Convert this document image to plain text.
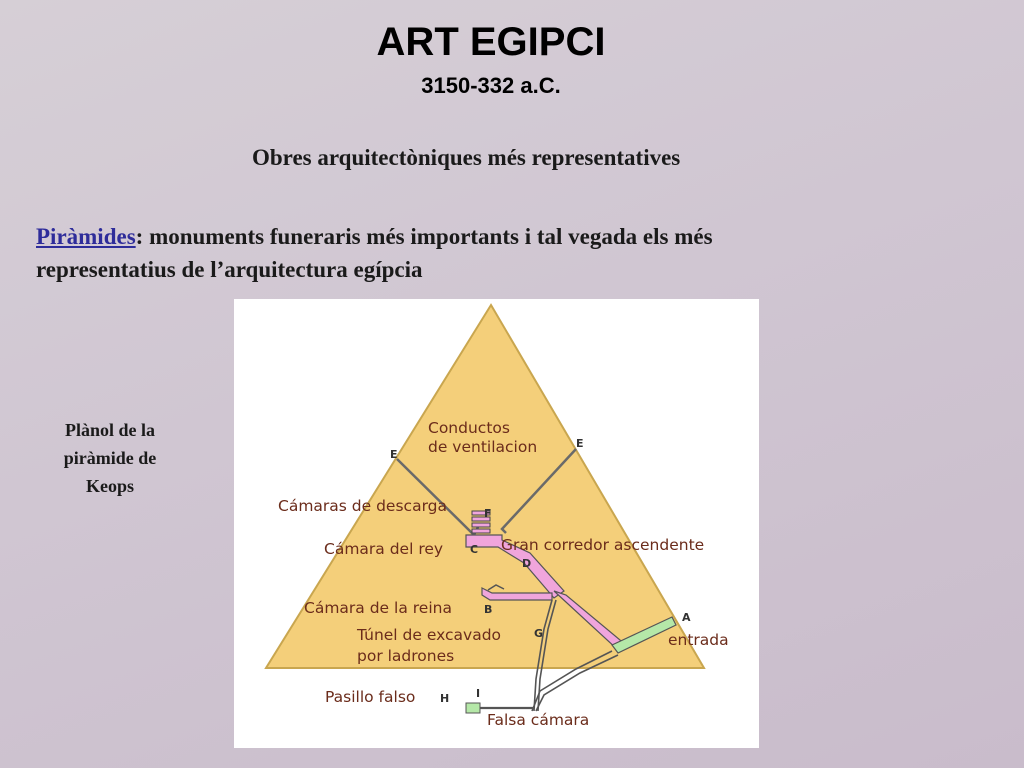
ART EGIPCI
3150-332 a.C.
Obres arquitectòniques més representatives
Piràmides: monuments funeraris més importants i tal vegada els més
representatius de l’arquitectura egípcia
Plànol de la
piràmide de
Keops
Conductos
de ventilacion
Cámaras de descarga
Cámara del rey	Gran corredor ascendente
Cámara de la reina
Túnel de excavado
por ladrones
entrada
Pasillo falso
Falsa cámara
E
E
F
C
D
B
A
G
H I
